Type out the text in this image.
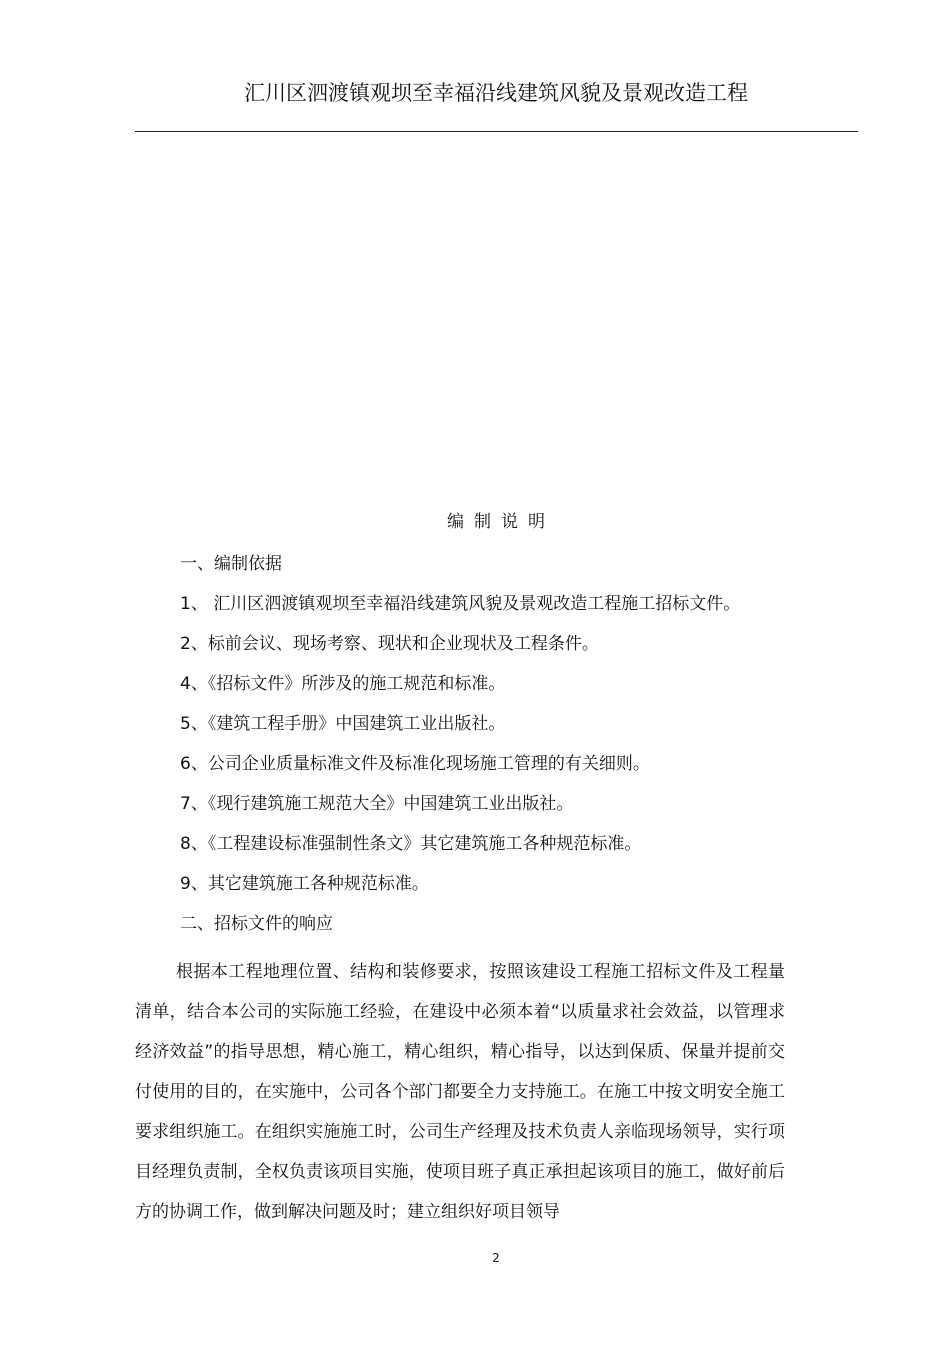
汇川区泗渡镇观坝至幸福沿线建筑风貌及景观改造工程
编制说明
一、编制依据
1、 汇川区泗渡镇观坝至幸福沿线建筑风貌及景观改造工程施工招标文件。
2、标前会议、现场考察、现状和企业现状及工程条件。
4、《招标文件》所涉及的施工规范和标准。
5、《建筑工程手册》中国建筑工业出版社。
6、公司企业质量标准文件及标准化现场施工管理的有关细则。
7、《现行建筑施工规范大全》中国建筑工业出版社。
8、《工程建设标准强制性条文》其它建筑施工各种规范标准。
9、其它建筑施工各种规范标准。
二、招标文件的响应

根据本工程地理位置、结构和装修要求，按照该建设工程施工招标文件及工程量清单，结合本公司的实际施工经验，在建设中必须本着“以质量求社会效益，以管理求经济效益”的指导思想，精心施工，精心组织，精心指导，以达到保质、保量并提前交付使用的目的，在实施中，公司各个部门都要全力支持施工。在施工中按文明安全施工要求组织施工。在组织实施施工时，公司生产经理及技术负责人亲临现场领导，实行项目经理负责制，全权负责该项目实施，使项目班子真正承担起该项目的施工，做好前后方的协调工作，做到解决问题及时；建立组织好项目领导

2
